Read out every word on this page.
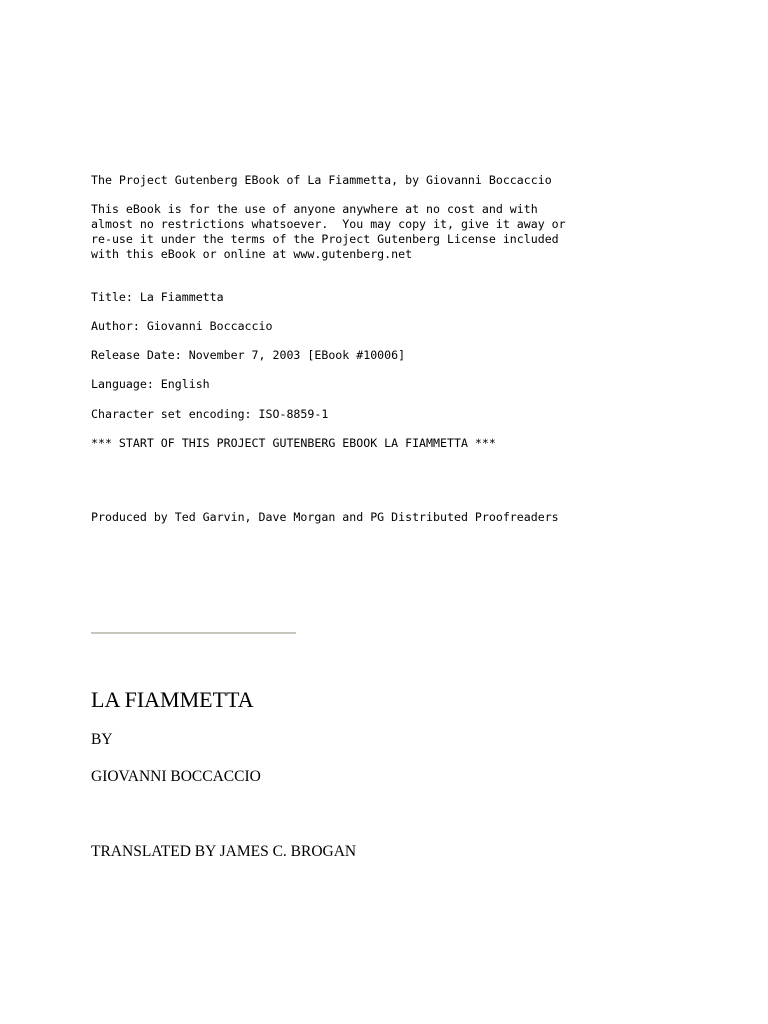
The Project Gutenberg EBook of La Fiammetta, by Giovanni Boccaccio

This eBook is for the use of anyone anywhere at no cost and with

almost no restrictions whatsoever.  You may copy it, give it away or

re-use it under the terms of the Project Gutenberg License included

with this eBook or online at www.gutenberg.net

Title: La Fiammetta

Author: Giovanni Boccaccio

Release Date: November 7, 2003 [EBook #10006]

Language: English

Character set encoding: ISO-8859-1

*** START OF THIS PROJECT GUTENBERG EBOOK LA FIAMMETTA ***

Produced by Ted Garvin, Dave Morgan and PG Distributed Proofreaders

LA FIAMMETTA

BY

GIOVANNI BOCCACCIO

TRANSLATED BY JAMES C. BROGAN
